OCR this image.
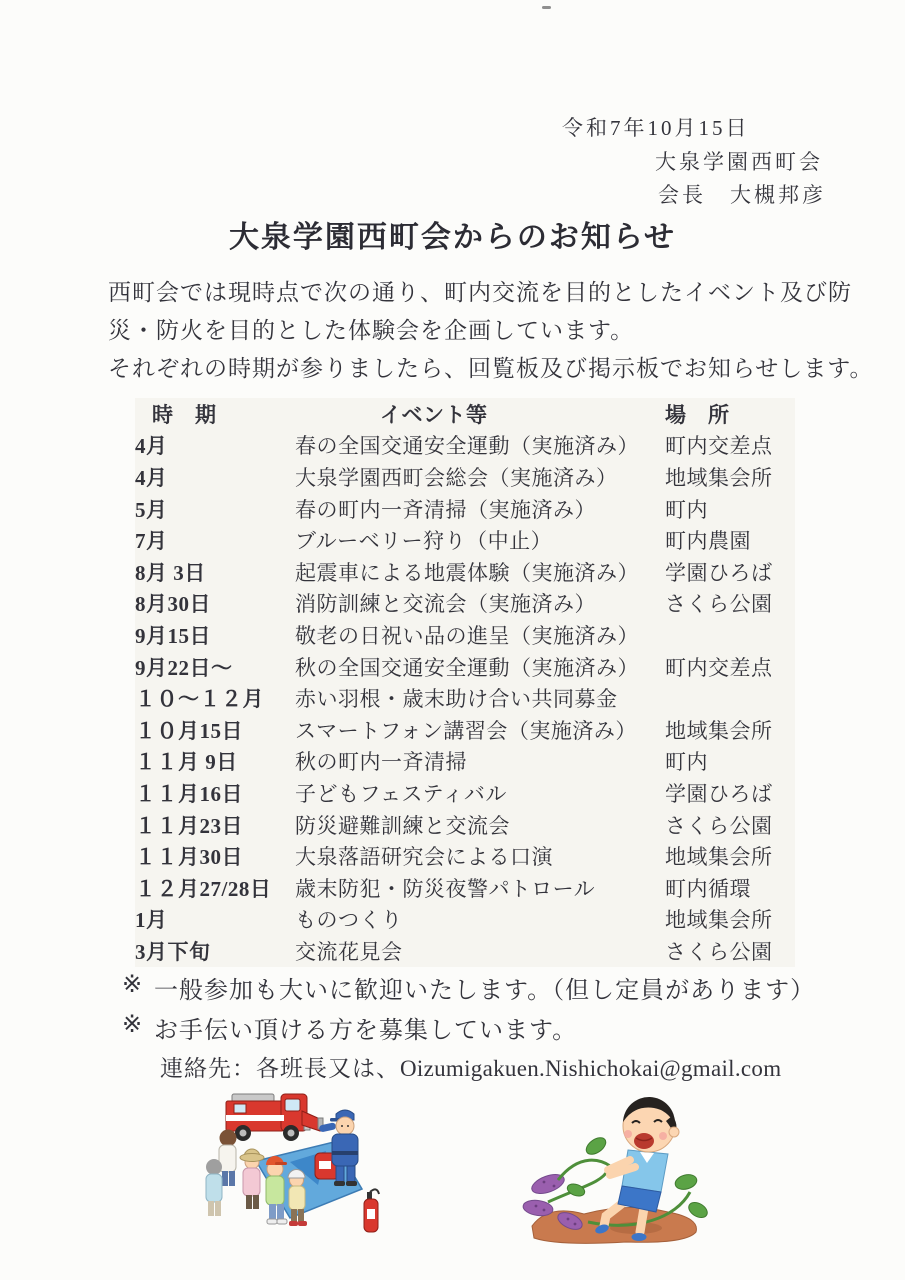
令和7年10月15日
大泉学園西町会
会長　大槻邦彦
大泉学園西町会からのお知らせ
西町会では現時点で次の通り、町内交流を目的としたイベント及び防
災・防火を目的とした体験会を企画しています。
それぞれの時期が参りましたら、回覧板及び掲示板でお知らせします。
時　期	イベント等	場　所
4月	春の全国交通安全運動（実施済み）	町内交差点
4月	大泉学園西町会総会（実施済み）	地域集会所
5月	春の町内一斉清掃（実施済み）	町内
7月	ブルーベリー狩り（中止）	町内農園
8月 3日	起震車による地震体験（実施済み）	学園ひろば
8月30日	消防訓練と交流会（実施済み）	さくら公園
9月15日	敬老の日祝い品の進呈（実施済み）
9月22日～	秋の全国交通安全運動（実施済み）	町内交差点
１０～１２月	赤い羽根・歳末助け合い共同募金
１０月15日	スマートフォン講習会（実施済み）	地域集会所
１１月 9日	秋の町内一斉清掃	町内
１１月16日	子どもフェスティバル	学園ひろば
１１月23日	防災避難訓練と交流会	さくら公園
１１月30日	大泉落語研究会による口演	地域集会所
１２月27/28日	歳末防犯・防災夜警パトロール	町内循環
1月	ものつくり	地域集会所
3月下旬	交流花見会	さくら公園
※ 一般参加も大いに歓迎いたします。（但し定員があります）
※ お手伝い頂ける方を募集しています。
連絡先：各班長又は、Oizumigakuen.Nishichokai@gmail.com
